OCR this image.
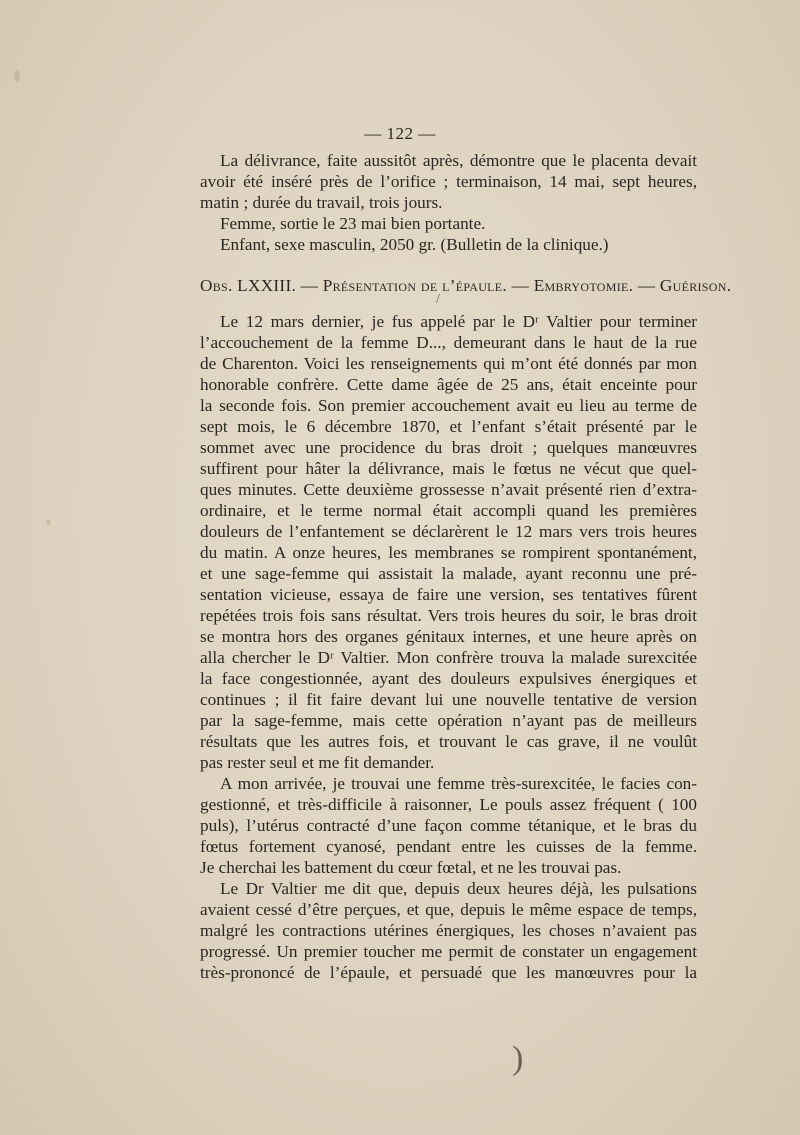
)
/
— 122 —
La délivrance, faite aussitôt après, démontre que le placenta devait
avoir été inséré près de l’orifice ; terminaison, 14 mai, sept heures,
matin ; durée du travail, trois jours.
Femme, sortie le 23 mai bien portante.
Enfant, sexe masculin, 2050 gr. (Bulletin de la clinique.)
Obs. LXXIII. — Présentation de l’épaule. — Embryotomie. — Guérison.
Le 12 mars dernier, je fus appelé par le Dʳ Valtier pour terminer
l’accouchement de la femme D..., demeurant dans le haut de la rue
de Charenton. Voici les renseignements qui m’ont été donnés par mon
honorable confrère. Cette dame âgée de 25 ans, était enceinte pour
la seconde fois. Son premier accouchement avait eu lieu au terme de
sept mois, le 6 décembre 1870, et l’enfant s’était présenté par le
sommet avec une procidence du bras droit ; quelques manœuvres
suffirent pour hâter la délivrance, mais le fœtus ne vécut que quel-
ques minutes. Cette deuxième grossesse n’avait présenté rien d’extra-
ordinaire, et le terme normal était accompli quand les premières
douleurs de l’enfantement se déclarèrent le 12 mars vers trois heures
du matin. A onze heures, les membranes se rompirent spontanément,
et une sage-femme qui assistait la malade, ayant reconnu une pré-
sentation vicieuse, essaya de faire une version, ses tentatives fûrent
repétées trois fois sans résultat. Vers trois heures du soir, le bras droit
se montra hors des organes génitaux internes, et une heure après on
alla chercher le Dʳ Valtier. Mon confrère trouva la malade surexcitée
la face congestionnée, ayant des douleurs expulsives énergiques et
continues ; il fit faire devant lui une nouvelle tentative de version
par la sage-femme, mais cette opération n’ayant pas de meilleurs
résultats que les autres fois, et trouvant le cas grave, il ne voulût
pas rester seul et me fit demander.
A mon arrivée, je trouvai une femme très-surexcitée, le facies con-
gestionné, et très-difficile à raisonner, Le pouls assez fréquent ( 100
puls), l’utérus contracté d’une façon comme tétanique, et le bras du
fœtus fortement cyanosé, pendant entre les cuisses de la femme.
Je cherchai les battement du cœur fœtal, et ne les trouvai pas.
Le Dr Valtier me dit que, depuis deux heures déjà, les pulsations
avaient cessé d’être perçues, et que, depuis le même espace de temps,
malgré les contractions utérines énergiques, les choses n’avaient pas
progressé. Un premier toucher me permit de constater un engagement
très-prononcé de l’épaule, et persuadé que les manœuvres pour la
